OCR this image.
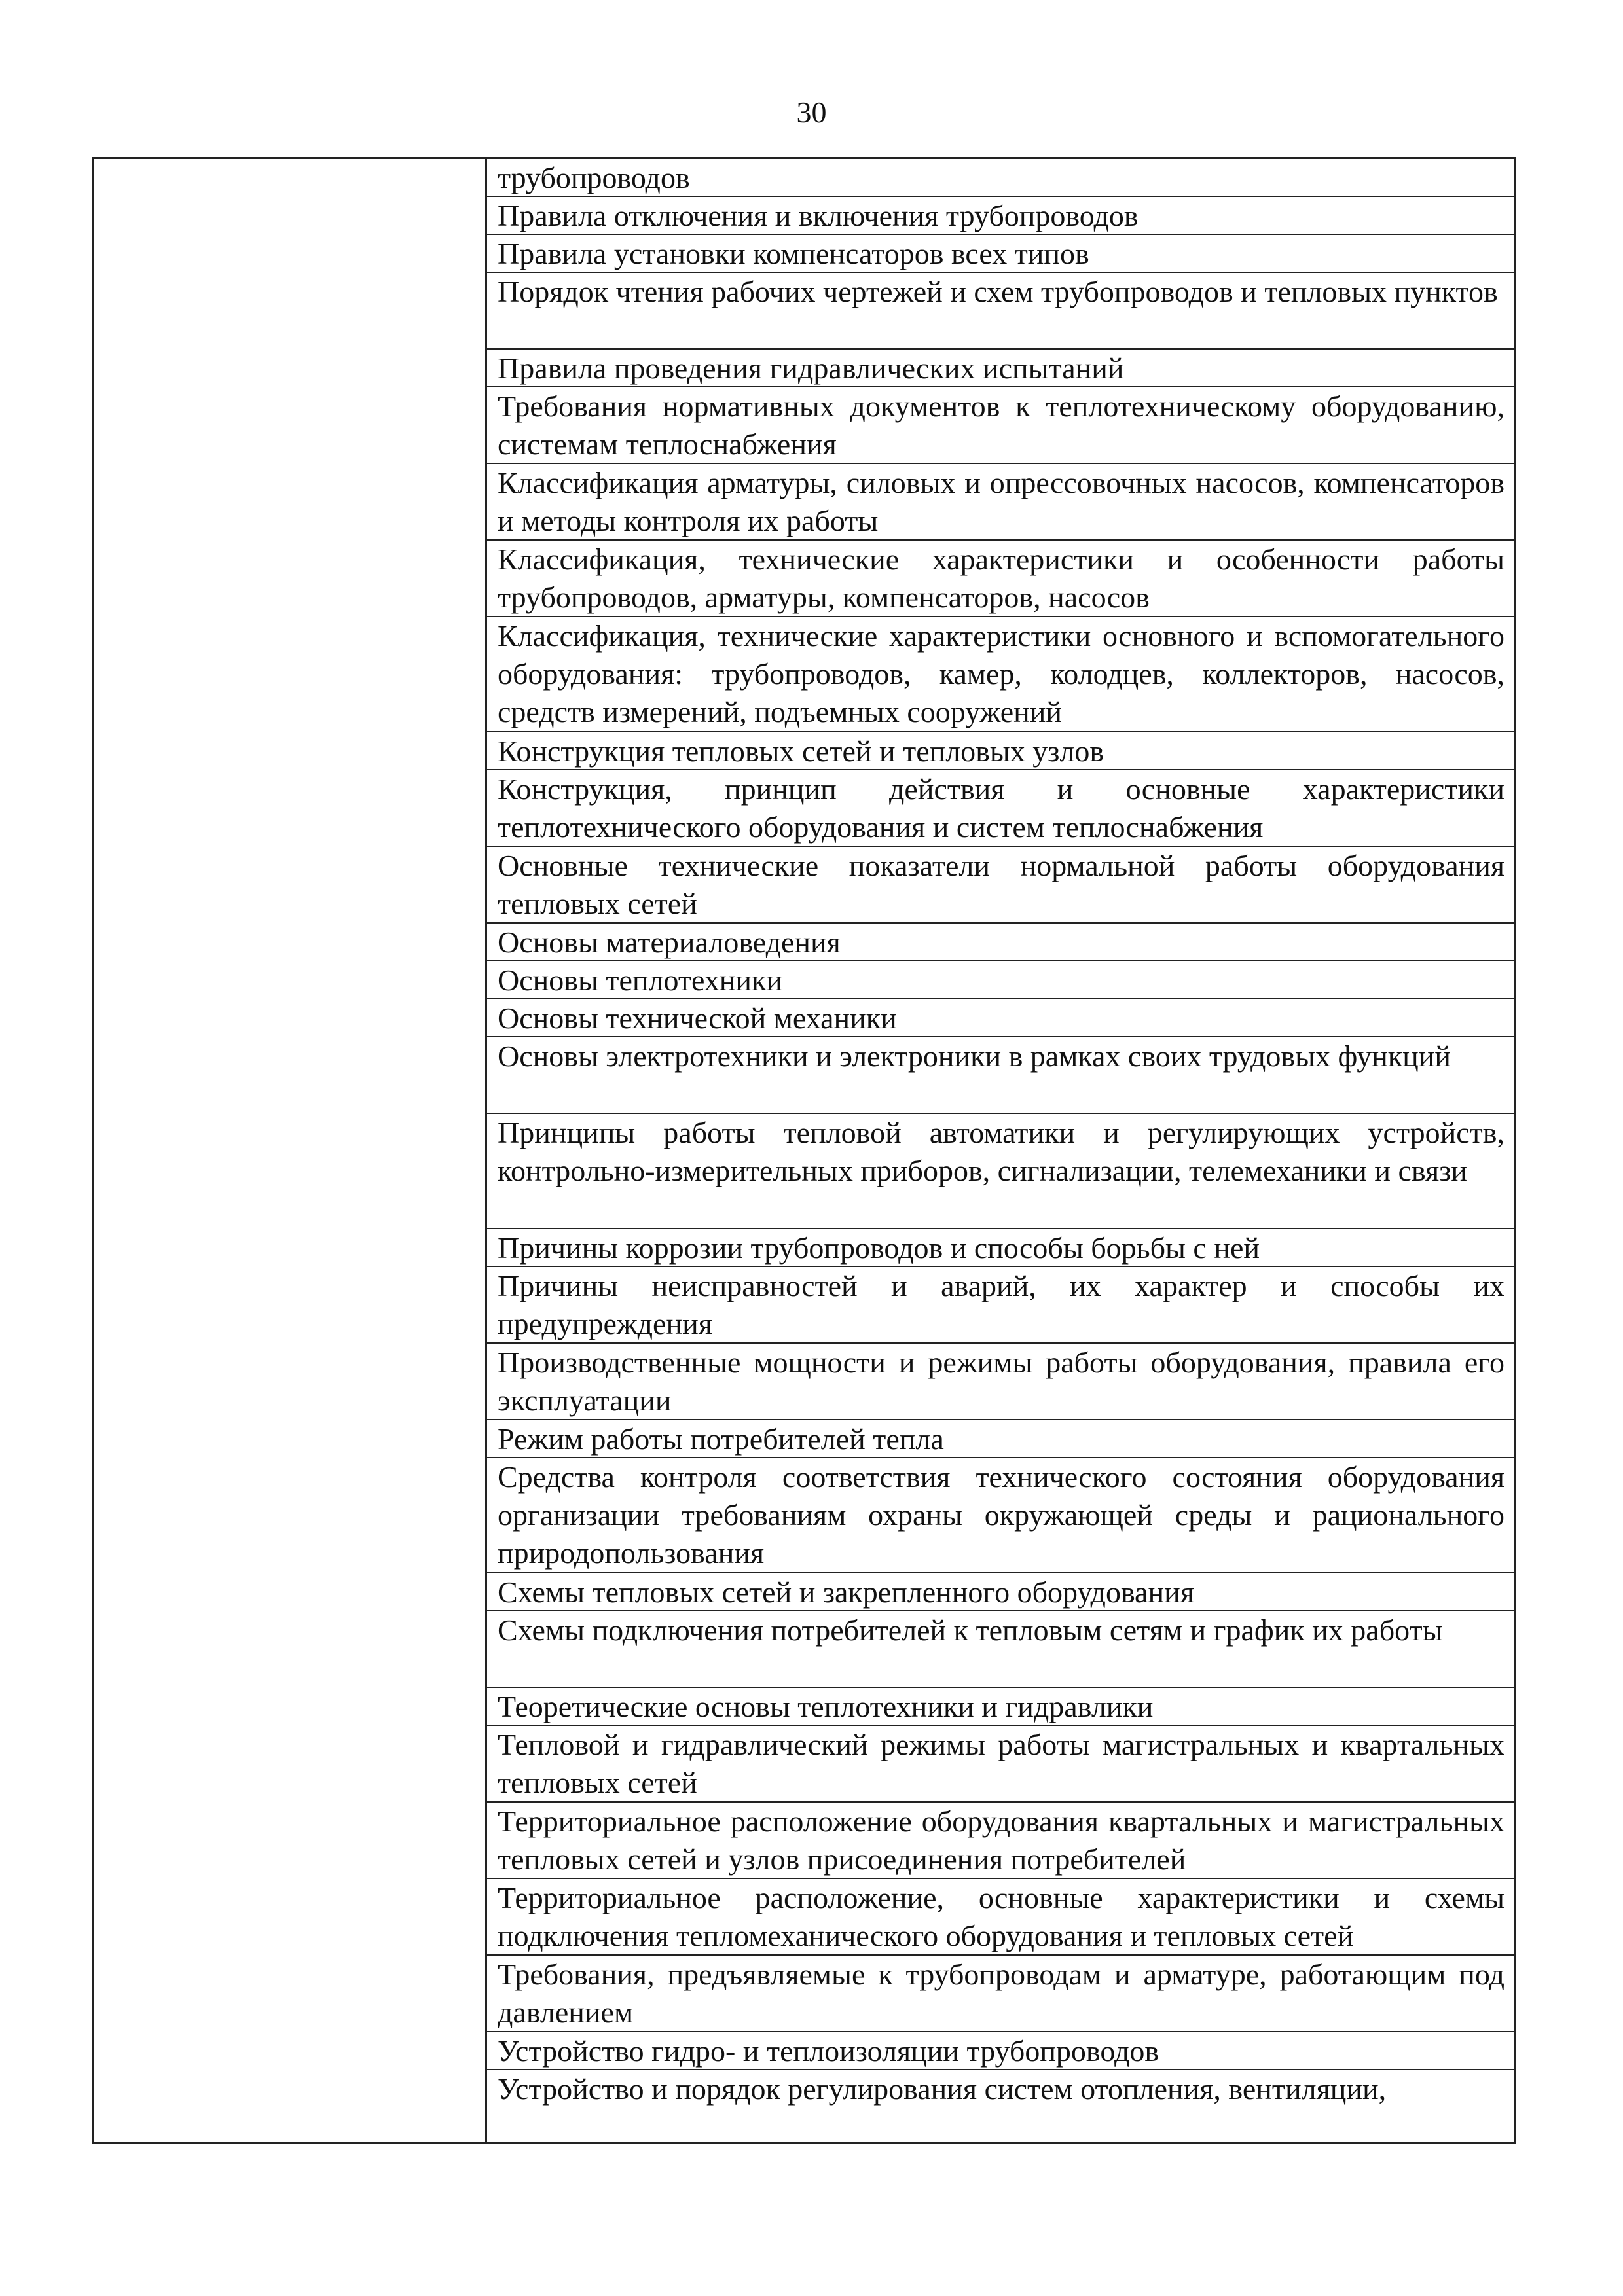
30
трубопроводов
Правила отключения и включения трубопроводов
Правила установки компенсаторов всех типов
Порядок чтения рабочих чертежей и схем трубопроводов и тепловых пунктов
Правила проведения гидравлических испытаний
Требования нормативных документов к теплотехническому оборудованию, системам теплоснабжения
Классификация арматуры, силовых и опрессовочных насосов, компенсаторов и методы контроля их работы
Классификация, технические характеристики и особенности работы трубопроводов, арматуры, компенсаторов, насосов
Классификация, технические характеристики основного и вспомогательного оборудования: трубопроводов, камер, колодцев, коллекторов, насосов, средств измерений, подъемных сооружений
Конструкция тепловых сетей и тепловых узлов
Конструкция, принцип действия и основные характеристики теплотехнического оборудования и систем теплоснабжения
Основные технические показатели нормальной работы оборудования тепловых сетей
Основы материаловедения
Основы теплотехники
Основы технической механики
Основы электротехники и электроники в рамках своих трудовых функций
Принципы работы тепловой автоматики и регулирующих устройств, контрольно-измерительных приборов, сигнализации, телемеханики и связи
Причины коррозии трубопроводов и способы борьбы с ней
Причины неисправностей и аварий, их характер и способы их предупреждения
Производственные мощности и режимы работы оборудования, правила его эксплуатации
Режим работы потребителей тепла
Средства контроля соответствия технического состояния оборудования организации требованиям охраны окружающей среды и рационального природопользования
Схемы тепловых сетей и закрепленного оборудования
Схемы подключения потребителей к тепловым сетям и график их работы
Теоретические основы теплотехники и гидравлики
Тепловой и гидравлический режимы работы магистральных и квартальных тепловых сетей
Территориальное расположение оборудования квартальных и магистральных тепловых сетей и узлов присоединения потребителей
Территориальное расположение, основные характеристики и схемы подключения тепломеханического оборудования и тепловых сетей
Требования, предъявляемые к трубопроводам и арматуре, работающим под давлением
Устройство гидро- и теплоизоляции трубопроводов
Устройство и порядок регулирования систем отопления, вентиляции,
